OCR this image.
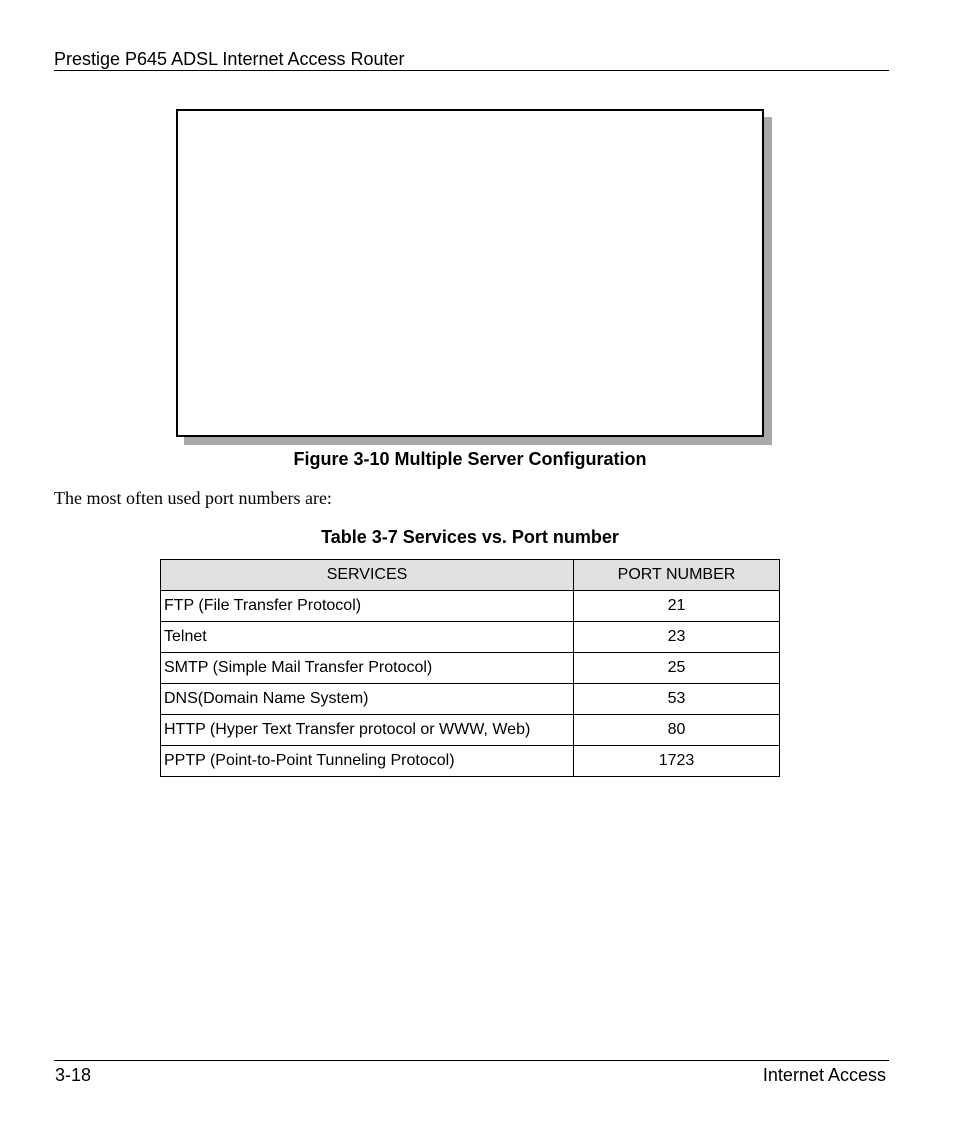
Prestige P645 ADSL Internet Access Router
Figure 3-10 Multiple Server Configuration
The most often used port numbers are:
Table 3-7 Services vs. Port number
SERVICES	PORT NUMBER
FTP (File Transfer Protocol)	21
Telnet	23
SMTP (Simple Mail Transfer Protocol)	25
DNS(Domain Name System)	53
HTTP (Hyper Text Transfer protocol or WWW, Web)	80
PPTP (Point-to-Point Tunneling Protocol)	1723
3-18	Internet Access
